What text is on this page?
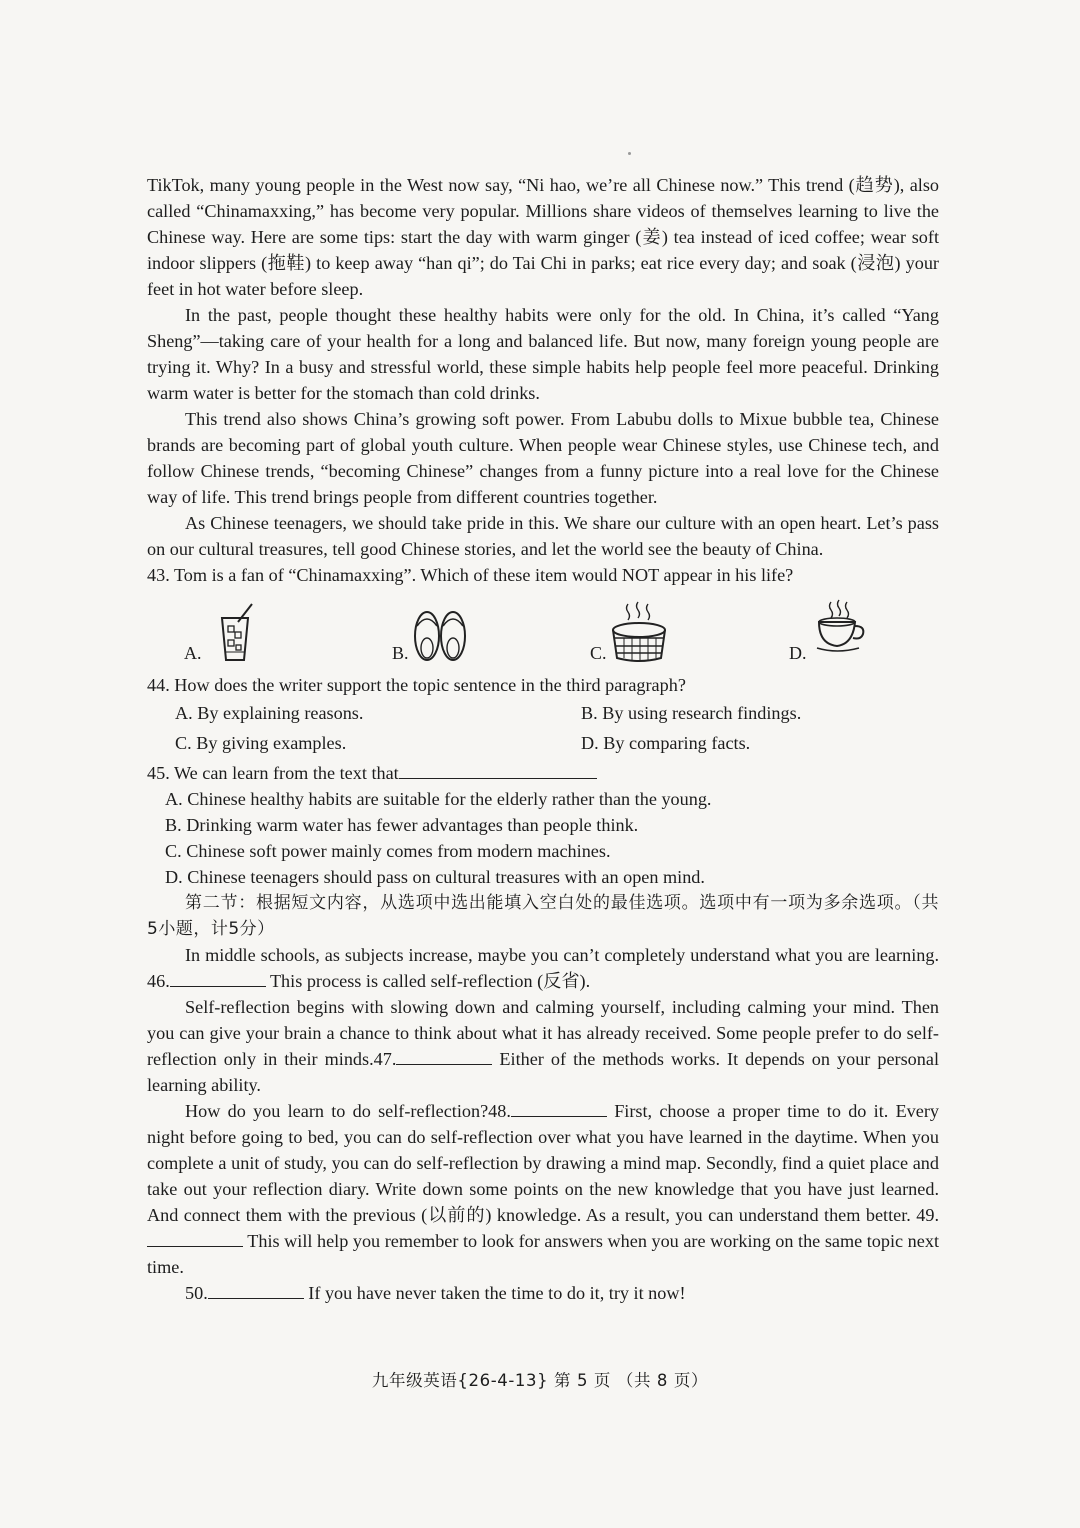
TikTok, many young people in the West now say, “Ni hao, we’re all Chinese now.” This trend (趋势), also called “Chinamaxxing,” has become very popular. Millions share videos of themselves learning to live the Chinese way. Here are some tips: start the day with warm ginger (姜) tea instead of iced coffee; wear soft indoor slippers (拖鞋) to keep away “han qi”; do Tai Chi in parks; eat rice every day; and soak (浸泡) your feet in hot water before sleep.

In the past, people thought these healthy habits were only for the old. In China, it’s called “Yang Sheng”—taking care of your health for a long and balanced life. But now, many foreign young people are trying it. Why? In a busy and stressful world, these simple habits help people feel more peaceful. Drinking warm water is better for the stomach than cold drinks.

This trend also shows China’s growing soft power. From Labubu dolls to Mixue bubble tea, Chinese brands are becoming part of global youth culture. When people wear Chinese styles, use Chinese tech, and follow Chinese trends, “becoming Chinese” changes from a funny picture into a real love for the Chinese way of life. This trend brings people from different countries together.

As Chinese teenagers, we should take pride in this. We share our culture with an open heart. Let’s pass on our cultural treasures, tell good Chinese stories, and let the world see the beauty of China.

43. Tom is a fan of “Chinamaxxing”. Which of these item would NOT appear in his life?

A.	B.	C.	D.

44. How does the writer support the topic sentence in the third paragraph?

A. By explaining reasons.	B. By using research findings.
C. By giving examples.	D. By comparing facts.

45. We can learn from the text that

A. Chinese healthy habits are suitable for the elderly rather than the young.
B. Drinking warm water has fewer advantages than people think.
C. Chinese soft power mainly comes from modern machines.
D. Chinese teenagers should pass on cultural treasures with an open mind.

第二节：根据短文内容，从选项中选出能填入空白处的最佳选项。选项中有一项为多余选项。（共5小题，计5分）

In middle schools, as subjects increase, maybe you can’t completely understand what you are learning. 46.	This process is called self-reflection (反省).

Self-reflection begins with slowing down and calming yourself, including calming your mind. Then you can give your brain a chance to think about what it has already received. Some people prefer to do self-reflection only in their minds.47.	Either of the methods works. It depends on your personal learning ability.

How do you learn to do self-reflection?48.	First, choose a proper time to do it. Every night before going to bed, you can do self-reflection over what you have learned in the daytime. When you complete a unit of study, you can do self-reflection by drawing a mind map. Secondly, find a quiet place and take out your reflection diary. Write down some points on the new knowledge that you have just learned. And connect them with the previous (以前的) knowledge. As a result, you can understand them better. 49. This will help you remember to look for answers when you are working on the same topic next time.

50.	If you have never taken the time to do it, try it now!

九年级英语{26-4-13} 第 5 页 （共 8 页）
